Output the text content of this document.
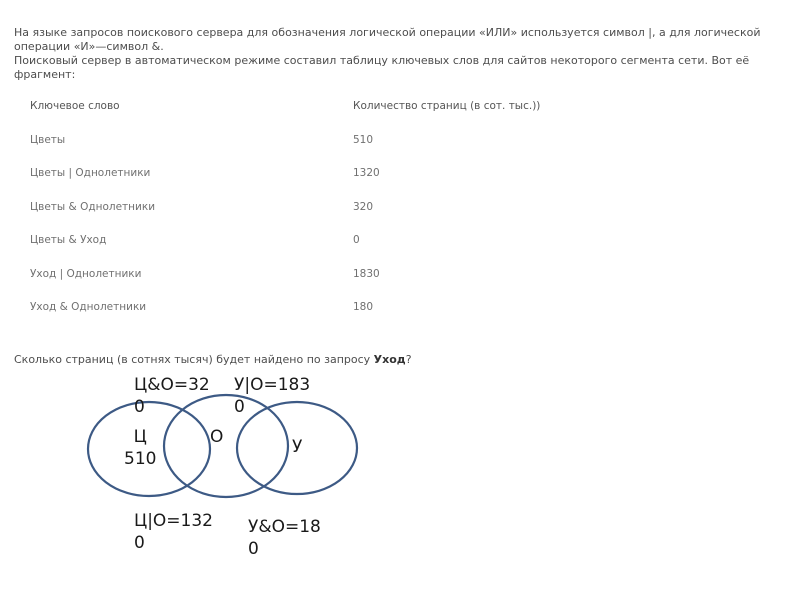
На языке запросов поискового сервера для обозначения логической операции «ИЛИ» используется символ |, а для логической операции «И»—символ &.

Поисковый сервер в автоматическом режиме составил таблицу ключевых слов для сайтов некоторого сегмента сети. Вот её фрагмент:

Ключевое слово	Количество страниц (в сот. тыс.))
Цветы	510
Цветы | Однолетники	1320
Цветы & Однолетники	320
Цветы & Уход	0
Уход | Однолетники	1830
Уход & Однолетники	180

Сколько страниц (в сотнях тысяч) будет найдено по запросу Уход?

Ц&О=32
0

У|О=183
0

Ц
510

О	У

Ц|О=132
0

У&О=18
0
